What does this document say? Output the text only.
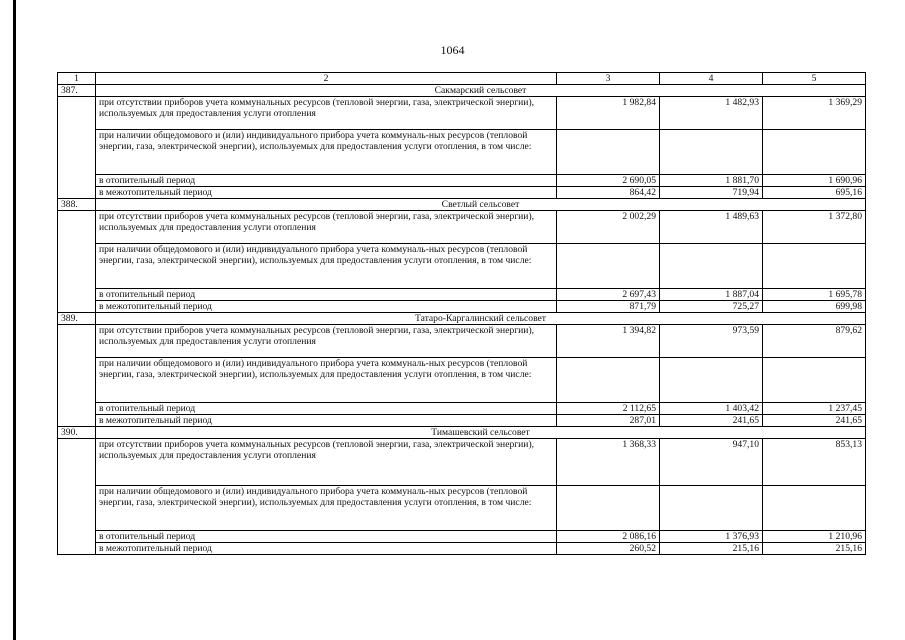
1064
1	2	3	4	5
387.	Сакмарский сельсовет			
	при отсутствии приборов учета коммунальных ресурсов (тепловой энергии, газа, электрической энергии), используемых для предоставления услуги отопления	1 982,84	1 482,93	1 369,29
	при наличии общедомового и (или) индивидуального прибора учета коммуналь-ных ресурсов (тепловой энергии, газа, электрической энергии), используемых для предоставления услуги отопления, в том числе:			
	в отопительный период	2 690,05	1 881,70	1 690,96
	в межотопительный период	864,42	719,94	695,16
388.	Светлый сельсовет			
	при отсутствии приборов учета коммунальных ресурсов (тепловой энергии, газа, электрической энергии), используемых для предоставления услуги отопления	2 002,29	1 489,63	1 372,80
	при наличии общедомового и (или) индивидуального прибора учета коммуналь-ных ресурсов (тепловой энергии, газа, электрической энергии), используемых для предоставления услуги отопления, в том числе:			
	в отопительный период	2 697,43	1 887,04	1 695,78
	в межотопительный период	871,79	725,27	699,98
389.	Татаро-Каргалинский сельсовет			
	при отсутствии приборов учета коммунальных ресурсов (тепловой энергии, газа, электрической энергии), используемых для предоставления услуги отопления	1 394,82	973,59	879,62
	при наличии общедомового и (или) индивидуального прибора учета коммуналь-ных ресурсов (тепловой энергии, газа, электрической энергии), используемых для предоставления услуги отопления, в том числе:			
	в отопительный период	2 112,65	1 403,42	1 237,45
	в межотопительный период	287,01	241,65	241,65
390.	Тимашевский сельсовет			
	при отсутствии приборов учета коммунальных ресурсов (тепловой энергии, газа, электрической энергии), используемых для предоставления услуги отопления	1 368,33	947,10	853,13
	при наличии общедомового и (или) индивидуального прибора учета коммуналь-ных ресурсов (тепловой энергии, газа, электрической энергии), используемых для предоставления услуги отопления, в том числе:			
	в отопительный период	2 086,16	1 376,93	1 210,96
	в межотопительный период	260,52	215,16	215,16
